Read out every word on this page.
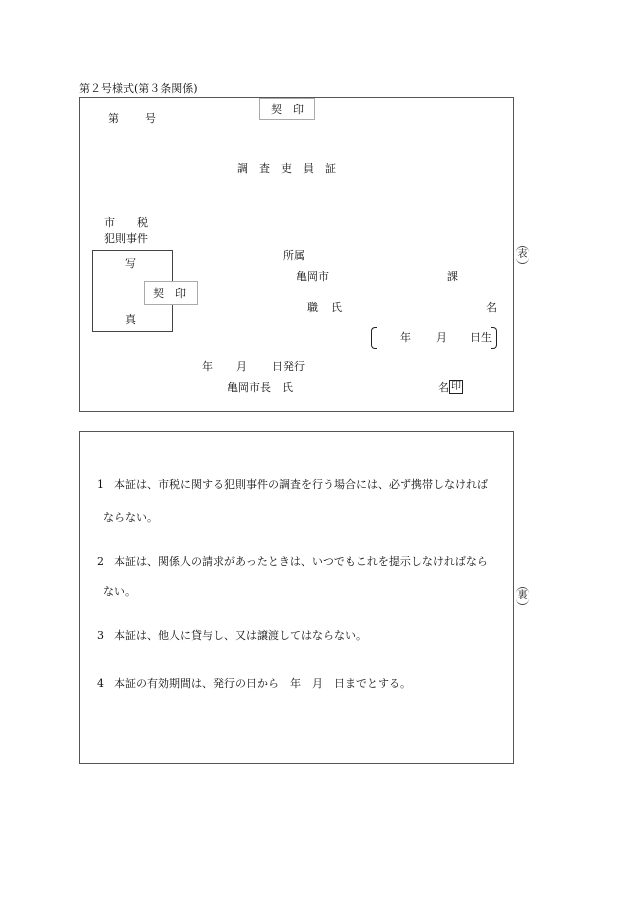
第２号様式(第３条関係)
契　印
第 号
調　査　吏　員　証
市　　税
犯則事件
写
真
契　印
所属
亀岡市	課
職 氏	名
年 月 日生
年 月 日発行
亀岡市長　氏	名 印
表
裏
1 本証は、市税に関する犯則事件の調査を行う場合には、必ず携帯しなければ
ならない。
2 本証は、関係人の請求があったときは、いつでもこれを提示しなければなら
ない。
3 本証は、他人に貸与し、又は譲渡してはならない。
4 本証の有効期間は、発行の日から　年　月　日までとする。
